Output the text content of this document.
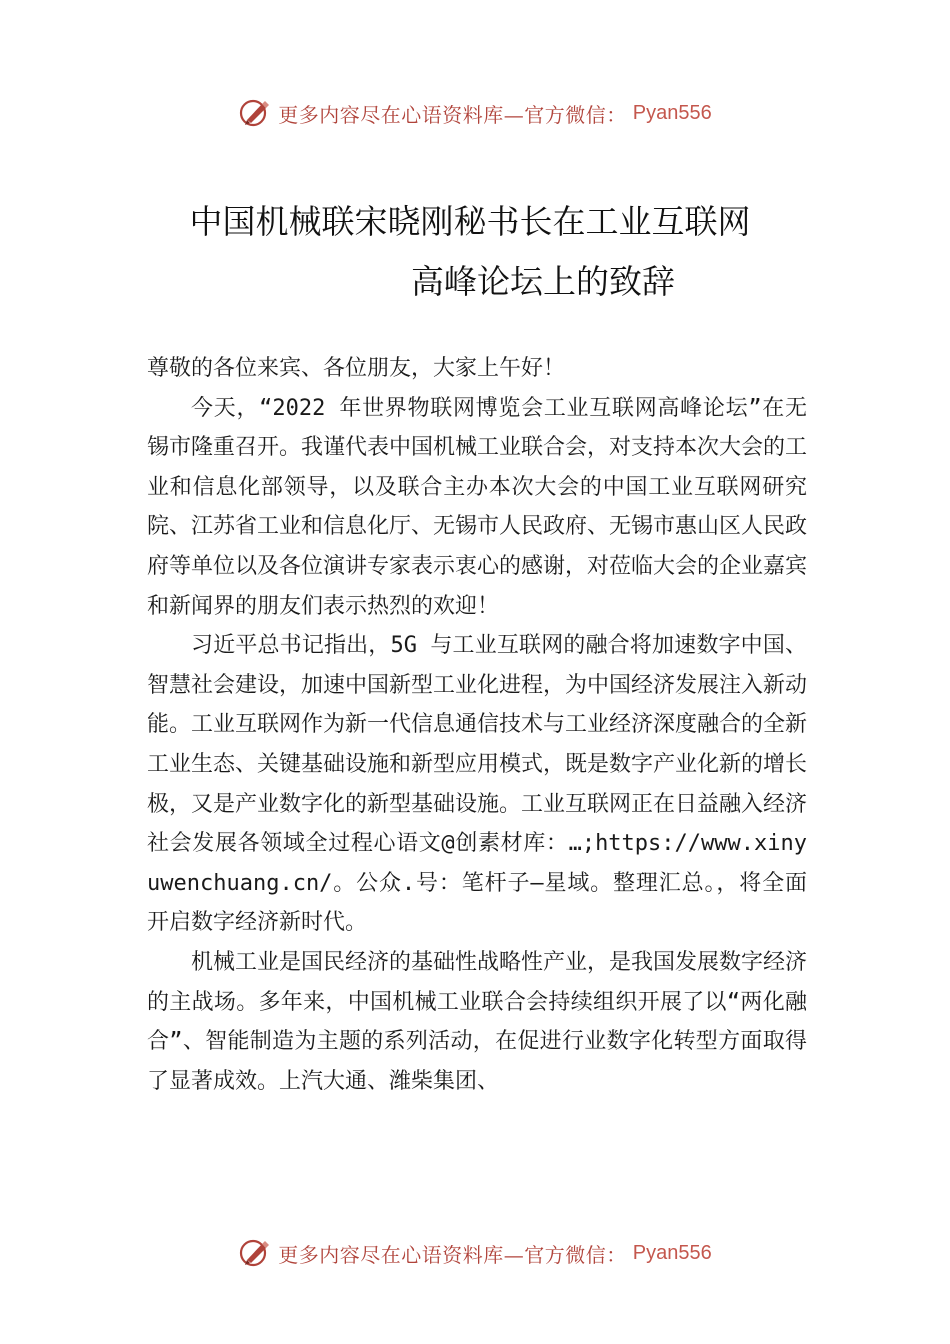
更多内容尽在心语资料库—官方微信： Pyan556
中国机械联宋晓刚秘书长在工业互联网
高峰论坛上的致辞

尊敬的各位来宾、各位朋友，大家上午好！

今天，“2022 年世界物联网博览会工业互联网高峰论坛”在无锡市隆重召开。我谨代表中国机械工业联合会，对支持本次大会的工业和信息化部领导，以及联合主办本次大会的中国工业互联网研究院、江苏省工业和信息化厅、无锡市人民政府、无锡市惠山区人民政府等单位以及各位演讲专家表示衷心的感谢，对莅临大会的企业嘉宾和新闻界的朋友们表示热烈的欢迎！

习近平总书记指出，5G 与工业互联网的融合将加速数字中国、智慧社会建设，加速中国新型工业化进程，为中国经济发展注入新动能。工业互联网作为新一代信息通信技术与工业经济深度融合的全新工业生态、关键基础设施和新型应用模式，既是数字产业化新的增长极，又是产业数字化的新型基础设施。工业互联网正在日益融入经济社会发展各领域全过程心语文@创素材库：…;https://www.xinyuwenchuang.cn/。公众.号：笔杆子—星域。整理汇总。，将全面开启数字经济新时代。

机械工业是国民经济的基础性战略性产业，是我国发展数字经济的主战场。多年来，中国机械工业联合会持续组织开展了以“两化融合”、智能制造为主题的系列活动，在促进行业数字化转型方面取得了显著成效。上汽大通、潍柴集团、

更多内容尽在心语资料库—官方微信： Pyan556
